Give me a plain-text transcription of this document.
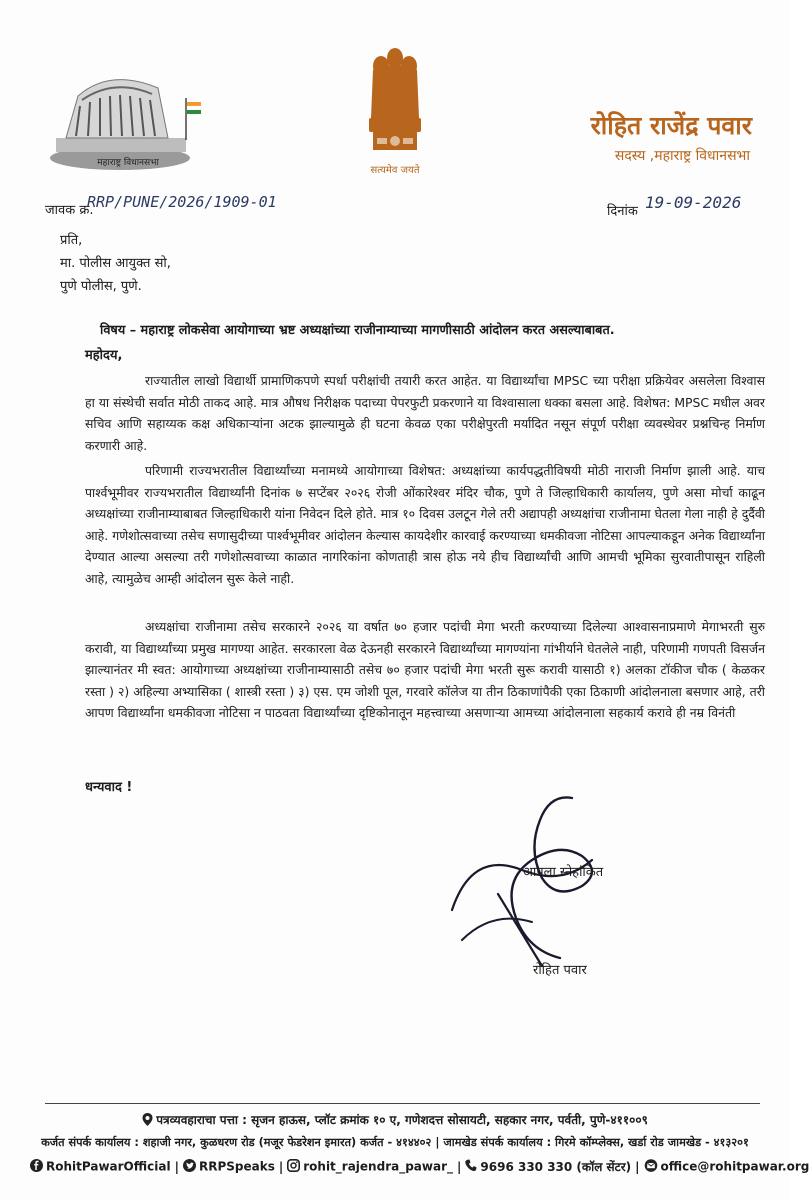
महाराष्ट्र विधानसभा
सत्यमेव जयते
रोहित राजेंद्र पवार
सदस्य ,महाराष्ट्र विधानसभा
जावक क्र.
RRP/PUNE/2026/1909-01
दिनांक 19-09-2026
प्रति,
मा. पोलीस आयुक्त सो,
पुणे पोलीस, पुणे.
विषय – महाराष्ट्र लोकसेवा आयोगाच्या भ्रष्ट अध्यक्षांच्या राजीनाम्याच्या मागणीसाठी आंदोलन करत असल्याबाबत.
महोदय,

राज्यातील लाखो विद्यार्थी प्रामाणिकपणे स्पर्धा परीक्षांची तयारी करत आहेत. या विद्यार्थ्यांचा MPSC च्या परीक्षा प्रक्रियेवर असलेला विश्वास हा या संस्थेची सर्वात मोठी ताकद आहे. मात्र औषध निरीक्षक पदाच्या पेपरफुटी प्रकरणाने या विश्वासाला धक्का बसला आहे. विशेषत: MPSC मधील अवर सचिव आणि सहाय्यक कक्ष अधिकाऱ्यांना अटक झाल्यामुळे ही घटना केवळ एका परीक्षेपुरती मर्यादित नसून संपूर्ण परीक्षा व्यवस्थेवर प्रश्नचिन्ह निर्माण करणारी आहे.

परिणामी राज्यभरातील विद्यार्थ्यांच्या मनामध्ये आयोगाच्या विशेषत: अध्यक्षांच्या कार्यपद्धतीविषयी मोठी नाराजी निर्माण झाली आहे. याच पार्श्वभूमीवर राज्यभरातील विद्यार्थ्यांनी दिनांक ७ सप्टेंबर २०२६ रोजी ओंकारेश्वर मंदिर चौक, पुणे ते जिल्हाधिकारी कार्यालय, पुणे असा मोर्चा काढून अध्यक्षांच्या राजीनाम्याबाबत जिल्हाधिकारी यांना निवेदन दिले होते. मात्र १० दिवस उलटून गेले तरी अद्यापही अध्यक्षांचा राजीनामा घेतला गेला नाही हे दुर्दैवी आहे. गणेशोत्सवाच्या तसेच सणासुदीच्या पार्श्वभूमीवर आंदोलन केल्यास कायदेशीर कारवाई करण्याच्या धमकीवजा नोटिसा आपल्याकडून अनेक विद्यार्थ्यांना देण्यात आल्या असल्या तरी गणेशोत्सवाच्या काळात नागरिकांना कोणताही त्रास होऊ नये हीच विद्यार्थ्यांची आणि आमची भूमिका सुरवातीपासून राहिली आहे, त्यामुळेच आम्ही आंदोलन सुरू केले नाही.

अध्यक्षांचा राजीनामा तसेच सरकारने २०२६ या वर्षात ७० हजार पदांची मेगा भरती करण्याच्या दिलेल्या आश्वासनाप्रमाणे मेगाभरती सुरु करावी, या विद्यार्थ्यांच्या प्रमुख मागण्या आहेत. सरकारला वेळ देऊनही सरकारने विद्यार्थ्यांच्या मागण्यांना गांभीर्याने घेतलेले नाही, परिणामी गणपती विसर्जन झाल्यानंतर मी स्वत: आयोगाच्या अध्यक्षांच्या राजीनाम्यासाठी तसेच ७० हजार पदांची मेगा भरती सुरू करावी यासाठी १) अलका टॉकीज चौक ( केळकर रस्ता ) २) अहिल्या अभ्यासिका ( शास्त्री रस्ता ) ३) एस. एम जोशी पूल, गरवारे कॉलेज या तीन ठिकाणांपैकी एका ठिकाणी आंदोलनाला बसणार आहे, तरी आपण विद्यार्थ्यांना धमकीवजा नोटिसा न पाठवता विद्यार्थ्यांच्या दृष्टिकोनातून महत्त्वाच्या असणाऱ्या आमच्या आंदोलनाला सहकार्य करावे ही नम्र विनंती

धन्यवाद !
आपला स्नेहांकित
रोहित पवार
पत्रव्यवहाराचा पत्ता : सृजन हाऊस, प्लॉट क्रमांक १० ए, गणेशदत्त सोसायटी, सहकार नगर, पर्वती, पुणे-४११००९
कर्जत संपर्क कार्यालय : शहाजी नगर, कुळधरण रोड (मजूर फेडरेशन इमारत) कर्जत - ४१४४०२ | जामखेड संपर्क कार्यालय : गिरमे कॉम्प्लेक्स, खर्डा रोड जामखेड - ४१३२०१
RohitPawarOfficial | RRPSpeaks | rohit_rajendra_pawar_ | 9696 330 330 (कॉल सेंटर) | office@rohitpawar.org
